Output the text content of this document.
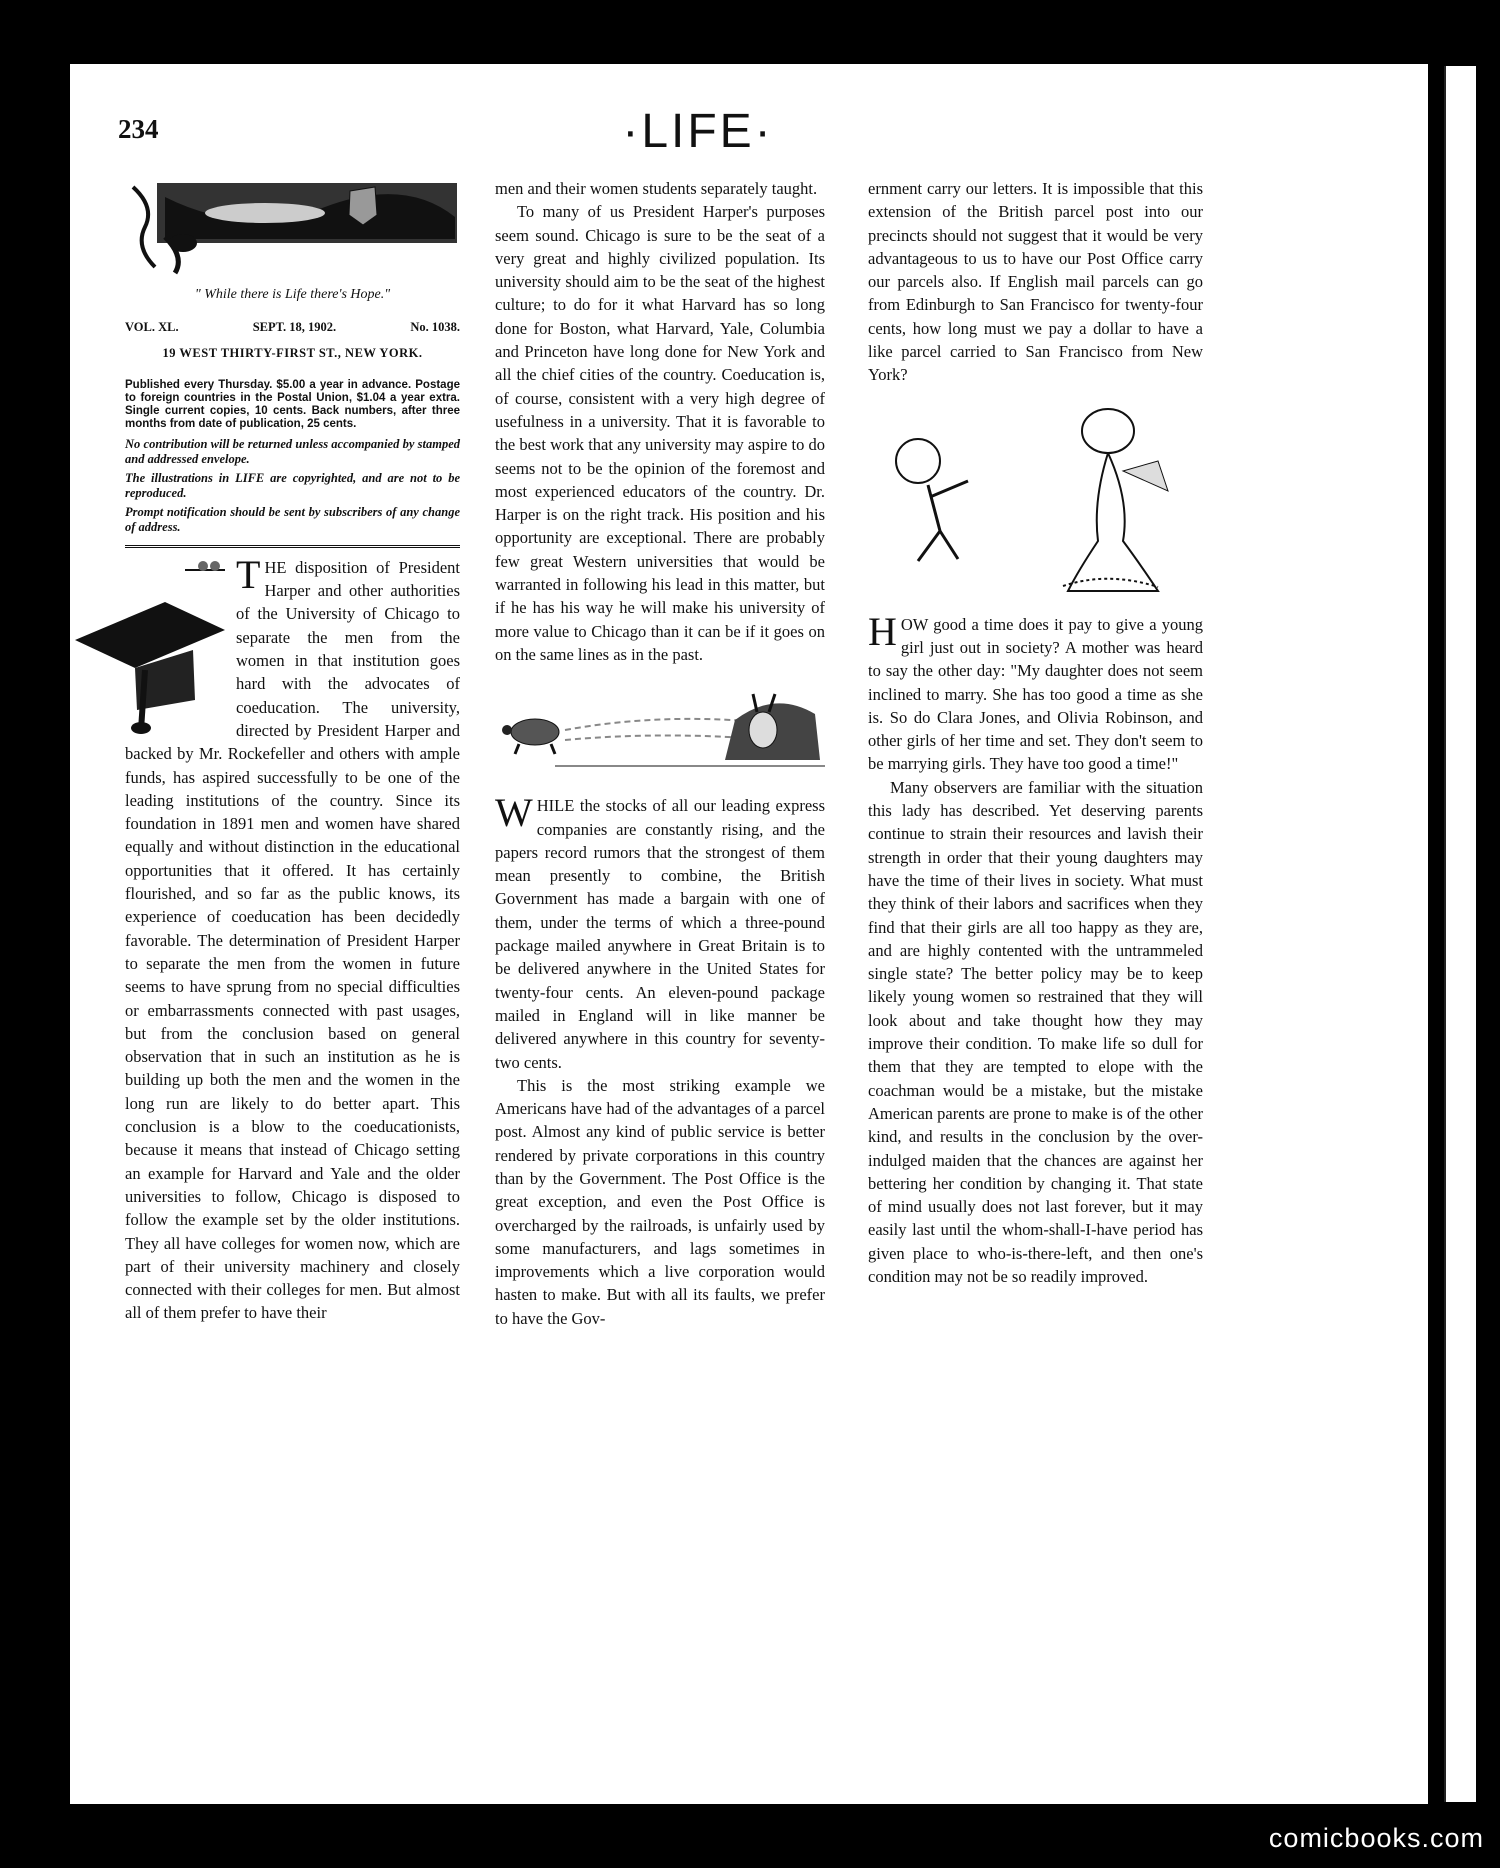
234	·LIFE·
" While there is Life there's Hope."
VOL. XL.	SEPT. 18, 1902.	No. 1038.
19 WEST THIRTY-FIRST ST., NEW YORK.
Published every Thursday. $5.00 a year in advance. Postage to foreign countries in the Postal Union, $1.04 a year extra. Single current copies, 10 cents. Back numbers, after three months from date of publication, 25 cents.
No contribution will be returned unless accompanied by stamped and addressed envelope.
The illustrations in LIFE are copyrighted, and are not to be reproduced.
Prompt notification should be sent by subscribers of any change of address.

THE disposition of President Harper and other authorities of the University of Chicago to separate the men from the women in that institution goes hard with the advocates of coeducation. The university, directed by President Harper and backed by Mr. Rockefeller and others with ample funds, has aspired successfully to be one of the leading institutions of the country. Since its foundation in 1891 men and women have shared equally and without distinction in the educational opportunities that it offered. It has certainly flourished, and so far as the public knows, its experience of coeducation has been decidedly favorable. The determination of President Harper to separate the men from the women in future seems to have sprung from no special difficulties or embarrassments connected with past usages, but from the conclusion based on general observation that in such an institution as he is building up both the men and the women in the long run are likely to do better apart. This conclusion is a blow to the coeducationists, because it means that instead of Chicago setting an example for Harvard and Yale and the older universities to follow, Chicago is disposed to follow the example set by the older institutions. They all have colleges for women now, which are part of their university machinery and closely connected with their colleges for men. But almost all of them prefer to have their

men and their women students separately taught.

To many of us President Harper's purposes seem sound. Chicago is sure to be the seat of a very great and highly civilized population. Its university should aim to be the seat of the highest culture; to do for it what Harvard has so long done for Boston, what Harvard, Yale, Columbia and Princeton have long done for New York and all the chief cities of the country. Coeducation is, of course, consistent with a very high degree of usefulness in a university. That it is favorable to the best work that any university may aspire to do seems not to be the opinion of the foremost and most experienced educators of the country. Dr. Harper is on the right track. His position and his opportunity are exceptional. There are probably few great Western universities that would be warranted in following his lead in this matter, but if he has his way he will make his university of more value to Chicago than it can be if it goes on on the same lines as in the past.

WHILE the stocks of all our leading express companies are constantly rising, and the papers record rumors that the strongest of them mean presently to combine, the British Government has made a bargain with one of them, under the terms of which a three-pound package mailed anywhere in Great Britain is to be delivered anywhere in the United States for twenty-four cents. An eleven-pound package mailed in England will in like manner be delivered anywhere in this country for seventy-two cents.

This is the most striking example we Americans have had of the advantages of a parcel post. Almost any kind of public service is better rendered by private corporations in this country than by the Government. The Post Office is the great exception, and even the Post Office is overcharged by the railroads, is unfairly used by some manufacturers, and lags sometimes in improvements which a live corporation would hasten to make. But with all its faults, we prefer to have the Gov-

ernment carry our letters. It is impossible that this extension of the British parcel post into our precincts should not suggest that it would be very advantageous to us to have our Post Office carry our parcels also. If English mail parcels can go from Edinburgh to San Francisco for twenty-four cents, how long must we pay a dollar to have a like parcel carried to San Francisco from New York?

HOW good a time does it pay to give a young girl just out in society? A mother was heard to say the other day: "My daughter does not seem inclined to marry. She has too good a time as she is. So do Clara Jones, and Olivia Robinson, and other girls of her time and set. They don't seem to be marrying girls. They have too good a time!"

Many observers are familiar with the situation this lady has described. Yet deserving parents continue to strain their resources and lavish their strength in order that their young daughters may have the time of their lives in society. What must they think of their labors and sacrifices when they find that their girls are all too happy as they are, and are highly contented with the untrammeled single state? The better policy may be to keep likely young women so restrained that they will look about and take thought how they may improve their condition. To make life so dull for them that they are tempted to elope with the coachman would be a mistake, but the mistake American parents are prone to make is of the other kind, and results in the conclusion by the over-indulged maiden that the chances are against her bettering her condition by changing it. That state of mind usually does not last forever, but it may easily last until the whom-shall-I-have period has given place to who-is-there-left, and then one's condition may not be so readily improved.

comicbooks.com
